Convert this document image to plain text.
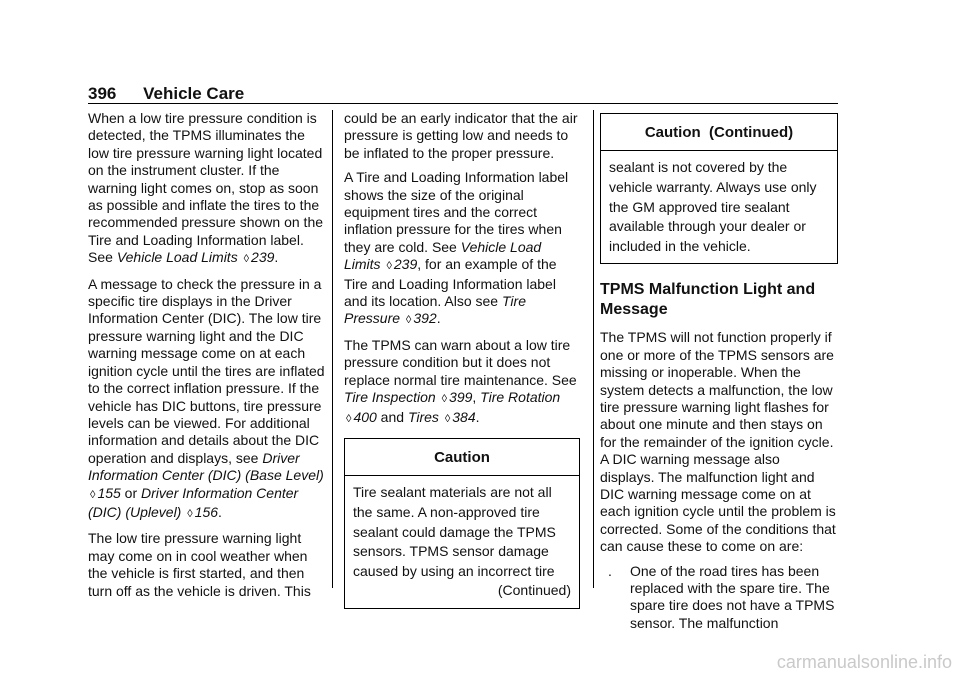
396 Vehicle Care

When a low tire pressure condition is detected, the TPMS illuminates the low tire pressure warning light located on the instrument cluster. If the warning light comes on, stop as soon as possible and inflate the tires to the recommended pressure shown on the Tire and Loading Information label. See Vehicle Load Limits ◊ 239.

A message to check the pressure in a specific tire displays in the Driver Information Center (DIC). The low tire pressure warning light and the DIC warning message come on at each ignition cycle until the tires are inflated to the correct inflation pressure. If the vehicle has DIC buttons, tire pressure levels can be viewed. For additional information and details about the DIC operation and displays, see Driver Information Center (DIC) (Base Level) ◊ 155 or Driver Information Center (DIC) (Uplevel) ◊ 156.

The low tire pressure warning light may come on in cool weather when the vehicle is first started, and then turn off as the vehicle is driven. This

could be an early indicator that the air pressure is getting low and needs to be inflated to the proper pressure.

A Tire and Loading Information label shows the size of the original equipment tires and the correct inflation pressure for the tires when they are cold. See Vehicle Load Limits ◊ 239, for an example of the Tire and Loading Information label and its location. Also see Tire Pressure ◊ 392.

The TPMS can warn about a low tire pressure condition but it does not replace normal tire maintenance. See Tire Inspection ◊ 399, Tire Rotation ◊ 400 and Tires ◊ 384.

Caution
Tire sealant materials are not all the same. A non-approved tire sealant could damage the TPMS sensors. TPMS sensor damage caused by using an incorrect tire
(Continued)
Caution  (Continued)
sealant is not covered by the vehicle warranty. Always use only the GM approved tire sealant available through your dealer or included in the vehicle.
TPMS Malfunction Light and Message

The TPMS will not function properly if one or more of the TPMS sensors are missing or inoperable. When the system detects a malfunction, the low tire pressure warning light flashes for about one minute and then stays on for the remainder of the ignition cycle. A DIC warning message also displays. The malfunction light and DIC warning message come on at each ignition cycle until the problem is corrected. Some of the conditions that can cause these to come on are:

.	One of the road tires has been replaced with the spare tire. The spare tire does not have a TPMS sensor. The malfunction
carmanualsonline.info
